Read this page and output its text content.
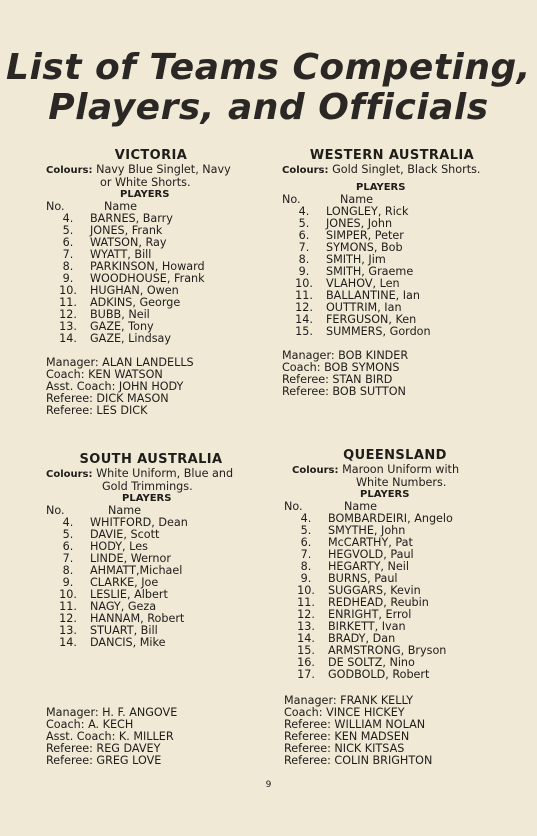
List of Teams Competing,
Players, and Officials
VICTORIA
Colours: Navy Blue Singlet, Navy
or White Shorts.
PLAYERS
No.	Name
4.	BARNES, Barry
5.	JONES, Frank
6.	WATSON, Ray
7.	WYATT, Bill
8.	PARKINSON, Howard
9.	WOODHOUSE, Frank
10.	HUGHAN, Owen
11.	ADKINS, George
12.	BUBB, Neil
13.	GAZE, Tony
14.	GAZE, Lindsay
Manager: ALAN LANDELLS
Coach: KEN WATSON
Asst. Coach: JOHN HODY
Referee: DICK MASON
Referee: LES DICK
WESTERN AUSTRALIA
Colours: Gold Singlet, Black Shorts.
PLAYERS
No.	Name
4.	LONGLEY, Rick
5.	JONES, John
6.	SIMPER, Peter
7.	SYMONS, Bob
8.	SMITH, Jim
9.	SMITH, Graeme
10.	VLAHOV, Len
11.	BALLANTINE, Ian
12.	OUTTRIM, Ian
14.	FERGUSON, Ken
15.	SUMMERS, Gordon
Manager: BOB KINDER
Coach: BOB SYMONS
Referee: STAN BIRD
Referee: BOB SUTTON
SOUTH AUSTRALIA
Colours: White Uniform, Blue and
Gold Trimmings.
PLAYERS
No.	Name
4.	WHITFORD, Dean
5.	DAVIE, Scott
6.	HODY, Les
7.	LINDE, Wernor
8.	AHMATT,Michael
9.	CLARKE, Joe
10.	LESLIE, Albert
11.	NAGY, Geza
12.	HANNAM, Robert
13.	STUART, Bill
14.	DANCIS, Mike
Manager: H. F. ANGOVE
Coach: A. KECH
Asst. Coach: K. MILLER
Referee: REG DAVEY
Referee: GREG LOVE
QUEENSLAND
Colours: Maroon Uniform with
White Numbers.
PLAYERS
No.	Name
4.	BOMBARDEIRI, Angelo
5.	SMYTHE, John
6.	McCARTHY, Pat
7.	HEGVOLD, Paul
8.	HEGARTY, Neil
9.	BURNS, Paul
10.	SUGGARS, Kevin
11.	REDHEAD, Reubin
12.	ENRIGHT, Errol
13.	BIRKETT, Ivan
14.	BRADY, Dan
15.	ARMSTRONG, Bryson
16.	DE SOLTZ, Nino
17.	GODBOLD, Robert
Manager: FRANK KELLY
Coach: VINCE HICKEY
Referee: WILLIAM NOLAN
Referee: KEN MADSEN
Referee: NICK KITSAS
Referee: COLIN BRIGHTON
9
